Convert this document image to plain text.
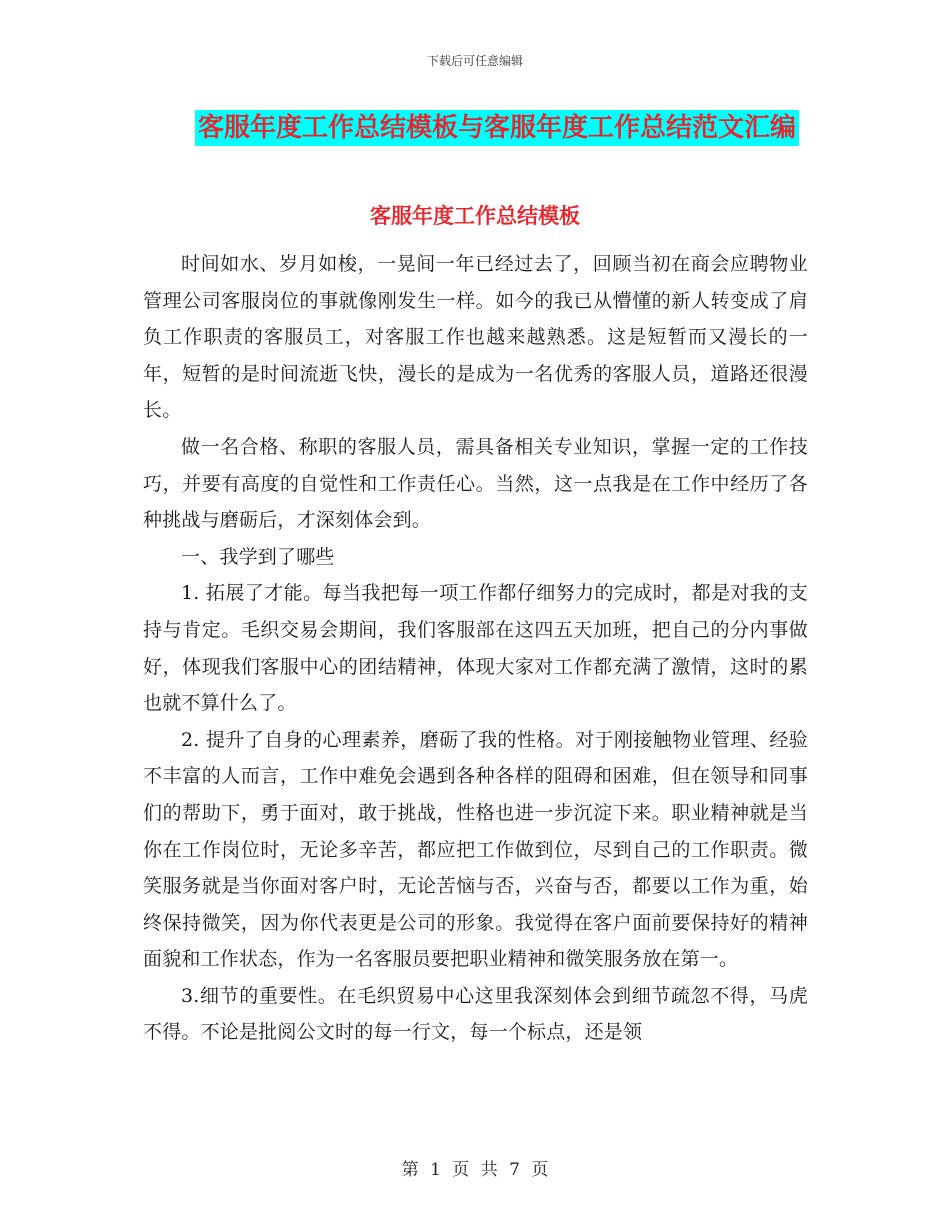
下载后可任意编辑
客服年度工作总结模板与客服年度工作总结范文汇编
客服年度工作总结模板

时间如水、岁月如梭，一晃间一年已经过去了，回顾当初在商会应聘物业管理公司客服岗位的事就像刚发生一样。如今的我已从懵懂的新人转变成了肩负工作职责的客服员工，对客服工作也越来越熟悉。这是短暂而又漫长的一年，短暂的是时间流逝飞快，漫长的是成为一名优秀的客服人员，道路还很漫长。

做一名合格、称职的客服人员，需具备相关专业知识，掌握一定的工作技巧，并要有高度的自觉性和工作责任心。当然，这一点我是在工作中经历了各种挑战与磨砺后，才深刻体会到。

一、我学到了哪些

1. 拓展了才能。每当我把每一项工作都仔细努力的完成时，都是对我的支持与肯定。毛织交易会期间，我们客服部在这四五天加班，把自己的分内事做好，体现我们客服中心的团结精神，体现大家对工作都充满了激情，这时的累也就不算什么了。

2. 提升了自身的心理素养，磨砺了我的性格。对于刚接触物业管理、经验不丰富的人而言，工作中难免会遇到各种各样的阻碍和困难，但在领导和同事们的帮助下，勇于面对，敢于挑战，性格也进一步沉淀下来。职业精神就是当你在工作岗位时，无论多辛苦，都应把工作做到位，尽到自己的工作职责。微笑服务就是当你面对客户时，无论苦恼与否，兴奋与否，都要以工作为重，始终保持微笑，因为你代表更是公司的形象。我觉得在客户面前要保持好的精神面貌和工作状态，作为一名客服员要把职业精神和微笑服务放在第一。

3.细节的重要性。在毛织贸易中心这里我深刻体会到细节疏忽不得，马虎不得。不论是批阅公文时的每一行文，每一个标点，还是领

第 1 页 共 7 页
